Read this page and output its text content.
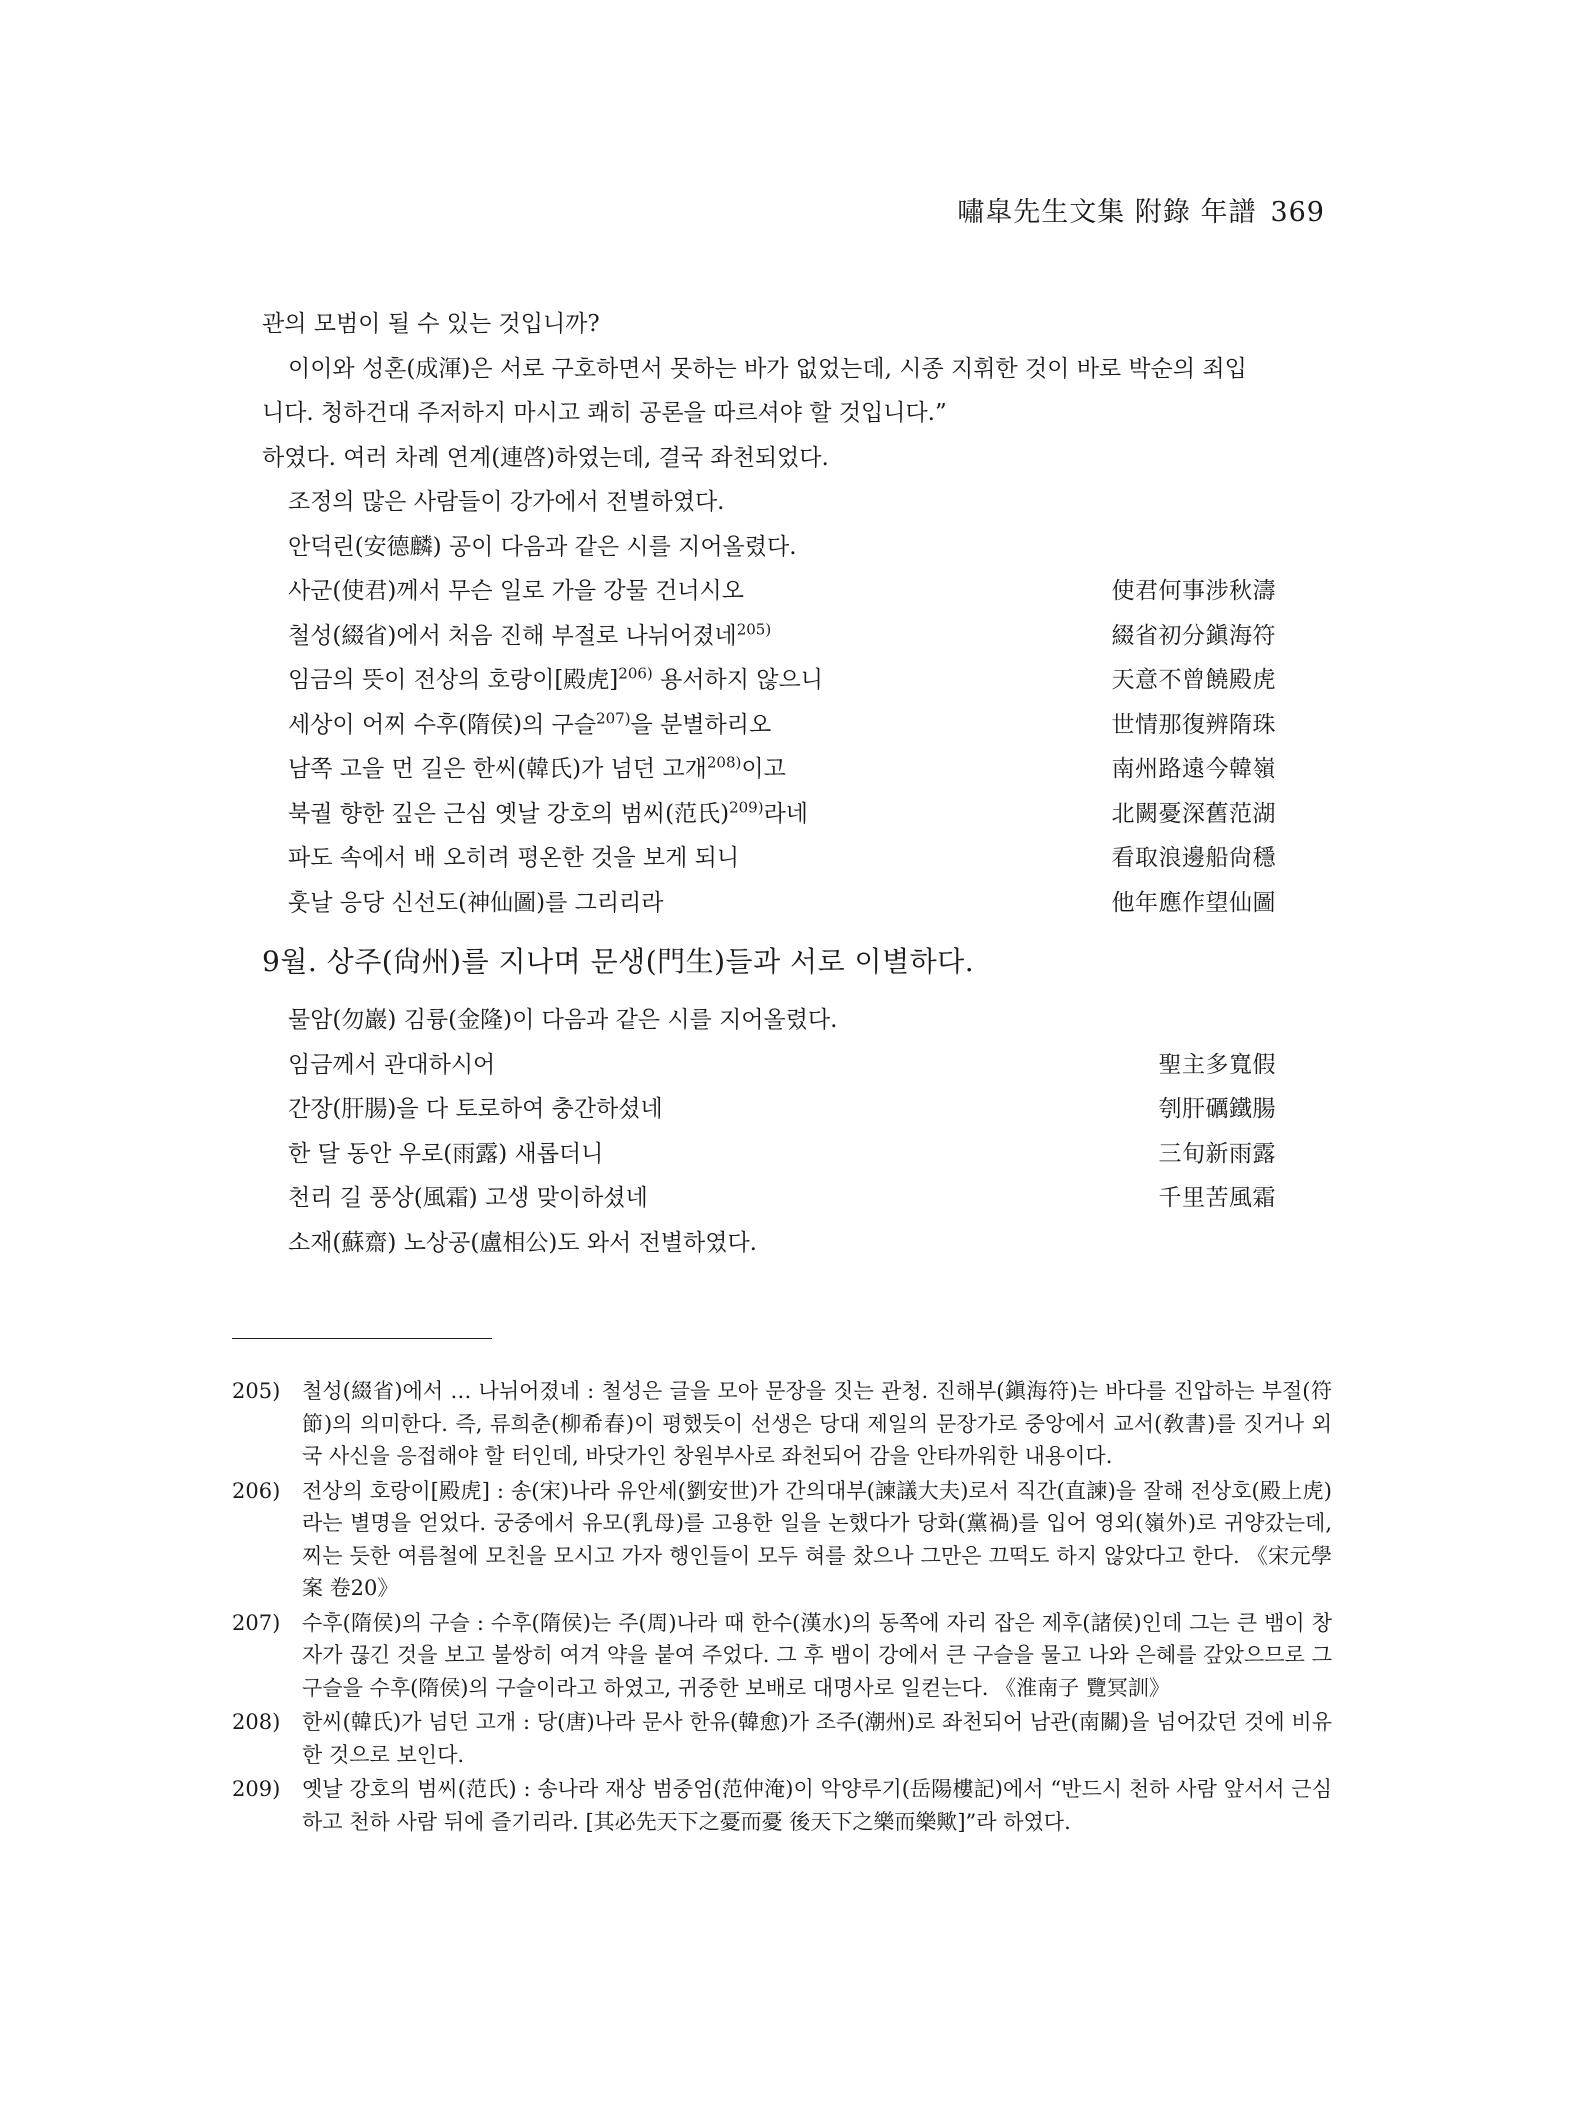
嘯皐先生文集 附錄 年譜 369
관의 모범이 될 수 있는 것입니까?
이이와 성혼(成渾)은 서로 구호하면서 못하는 바가 없었는데, 시종 지휘한 것이 바로 박순의 죄입
니다. 청하건대 주저하지 마시고 쾌히 공론을 따르셔야 할 것입니다.”
하였다. 여러 차례 연계(連啓)하였는데, 결국 좌천되었다.
조정의 많은 사람들이 강가에서 전별하였다.
안덕린(安德麟) 공이 다음과 같은 시를 지어올렸다.
사군(使君)께서 무슨 일로 가을 강물 건너시오	使君何事涉秋濤
철성(綴省)에서 처음 진해 부절로 나뉘어졌네$^{205)}$	綴省初分鎭海符
임금의 뜻이 전상의 호랑이[殿虎]$^{206)}$ 용서하지 않으니	天意不曾饒殿虎
세상이 어찌 수후(隋侯)의 구슬$^{207)}$을 분별하리오	世情那復辨隋珠
남쪽 고을 먼 길은 한씨(韓氏)가 넘던 고개$^{208)}$이고	南州路遠今韓嶺
북궐 향한 깊은 근심 옛날 강호의 범씨(范氏)$^{209)}$라네	北闕憂深舊范湖
파도 속에서 배 오히려 평온한 것을 보게 되니	看取浪邊船尙穩
훗날 응당 신선도(神仙圖)를 그리리라	他年應作望仙圖
9월. 상주(尙州)를 지나며 문생(門生)들과 서로 이별하다.
물암(勿巖) 김륭(金隆)이 다음과 같은 시를 지어올렸다.
임금께서 관대하시어	聖主多寬假
간장(肝腸)을 다 토로하여 충간하셨네	刳肝礪鐵腸
한 달 동안 우로(雨露) 새롭더니	三旬新雨露
천리 길 풍상(風霜) 고생 맞이하셨네	千里苦風霜
소재(蘇齋) 노상공(盧相公)도 와서 전별하였다.
205)	철성(綴省)에서 … 나뉘어졌네 : 철성은 글을 모아 문장을 짓는 관청. 진해부(鎭海符)는 바다를 진압하는 부절(符節)의 의미한다. 즉, 류희춘(柳希春)이 평했듯이 선생은 당대 제일의 문장가로 중앙에서 교서(敎書)를 짓거나 외국 사신을 응접해야 할 터인데, 바닷가인 창원부사로 좌천되어 감을 안타까워한 내용이다.
206)	전상의 호랑이[殿虎] : 송(宋)나라 유안세(劉安世)가 간의대부(諫議大夫)로서 직간(直諫)을 잘해 전상호(殿上虎)라는 별명을 얻었다. 궁중에서 유모(乳母)를 고용한 일을 논했다가 당화(黨禍)를 입어 영외(嶺外)로 귀양갔는데, 찌는 듯한 여름철에 모친을 모시고 가자 행인들이 모두 혀를 찼으나 그만은 끄떡도 하지 않았다고 한다. 《宋元學案 卷20》
207)	수후(隋侯)의 구슬 : 수후(隋侯)는 주(周)나라 때 한수(漢水)의 동쪽에 자리 잡은 제후(諸侯)인데 그는 큰 뱀이 창자가 끊긴 것을 보고 불쌍히 여겨 약을 붙여 주었다. 그 후 뱀이 강에서 큰 구슬을 물고 나와 은혜를 갚았으므로 그 구슬을 수후(隋侯)의 구슬이라고 하였고, 귀중한 보배로 대명사로 일컫는다. 《淮南子 覽冥訓》
208)	한씨(韓氏)가 넘던 고개 : 당(唐)나라 문사 한유(韓愈)가 조주(潮州)로 좌천되어 남관(南關)을 넘어갔던 것에 비유한 것으로 보인다.
209)	옛날 강호의 범씨(范氏) : 송나라 재상 범중엄(范仲淹)이 악양루기(岳陽樓記)에서 “반드시 천하 사람 앞서서 근심하고 천하 사람 뒤에 즐기리라. [其必先天下之憂而憂 後天下之樂而樂歟]”라 하였다.
